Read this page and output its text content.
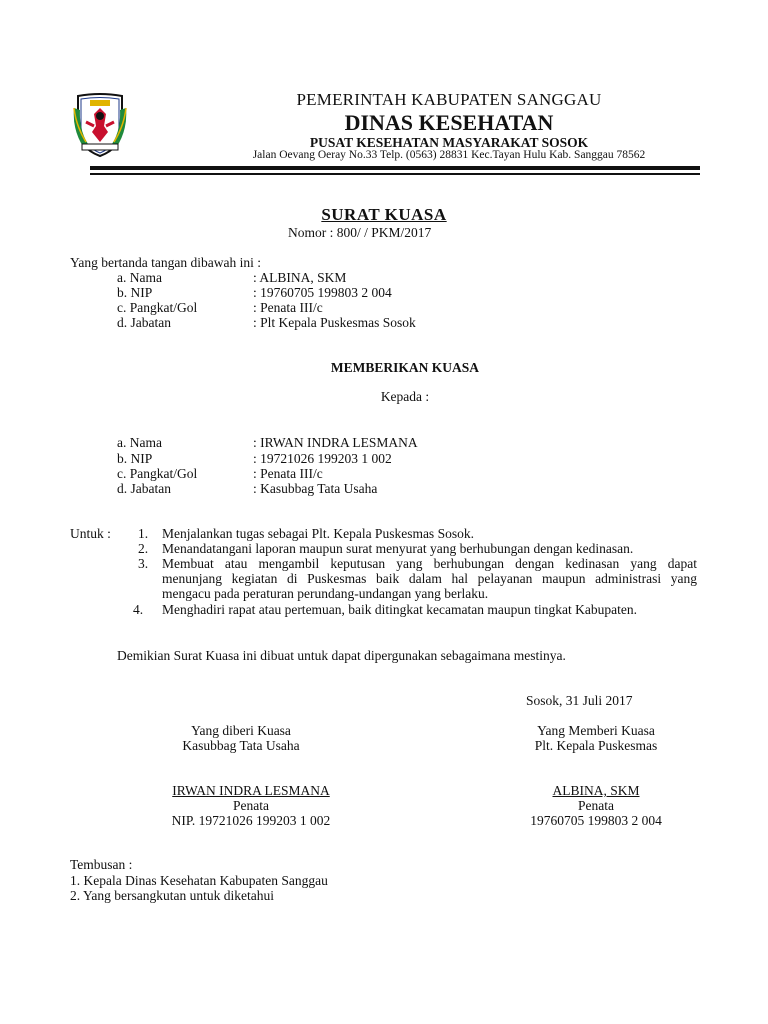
PEMERINTAH KABUPATEN SANGGAU
DINAS KESEHATAN
PUSAT KESEHATAN MASYARAKAT SOSOK
Jalan Oevang Oeray No.33 Telp. (0563) 28831 Kec.Tayan Hulu Kab. Sanggau 78562
SURAT KUASA
Nomor : 800/ / PKM/2017
Yang bertanda tangan dibawah ini :
a. Nama	: ALBINA, SKM
b. NIP	: 19760705 199803 2 004
c. Pangkat/Gol	: Penata III/c
d. Jabatan	: Plt Kepala Puskesmas Sosok
MEMBERIKAN KUASA
Kepada :
a. Nama	: IRWAN INDRA LESMANA
b. NIP	: 19721026 199203 1 002
c. Pangkat/Gol	: Penata III/c
d. Jabatan	: Kasubbag Tata Usaha
Untuk : 1. Menjalankan tugas sebagai Plt. Kepala Puskesmas Sosok.
2. Menandatangani laporan maupun surat menyurat yang berhubungan dengan kedinasan.
3. Membuat atau mengambil keputusan yang berhubungan dengan kedinasan yang dapat
menunjang kegiatan di Puskesmas baik dalam hal pelayanan maupun administrasi yang
mengacu pada peraturan perundang-undangan yang berlaku.
4. Menghadiri rapat atau pertemuan, baik ditingkat kecamatan maupun tingkat Kabupaten.
Demikian Surat Kuasa ini dibuat untuk dapat dipergunakan sebagaimana mestinya.
Sosok, 31 Juli 2017
Yang diberi Kuasa
Kasubbag Tata Usaha
IRWAN INDRA LESMANA
Penata
NIP. 19721026 199203 1 002
Yang Memberi Kuasa
Plt. Kepala Puskesmas
ALBINA, SKM
Penata
19760705 199803 2 004
Tembusan :
1. Kepala Dinas Kesehatan Kabupaten Sanggau
2. Yang bersangkutan untuk diketahui
